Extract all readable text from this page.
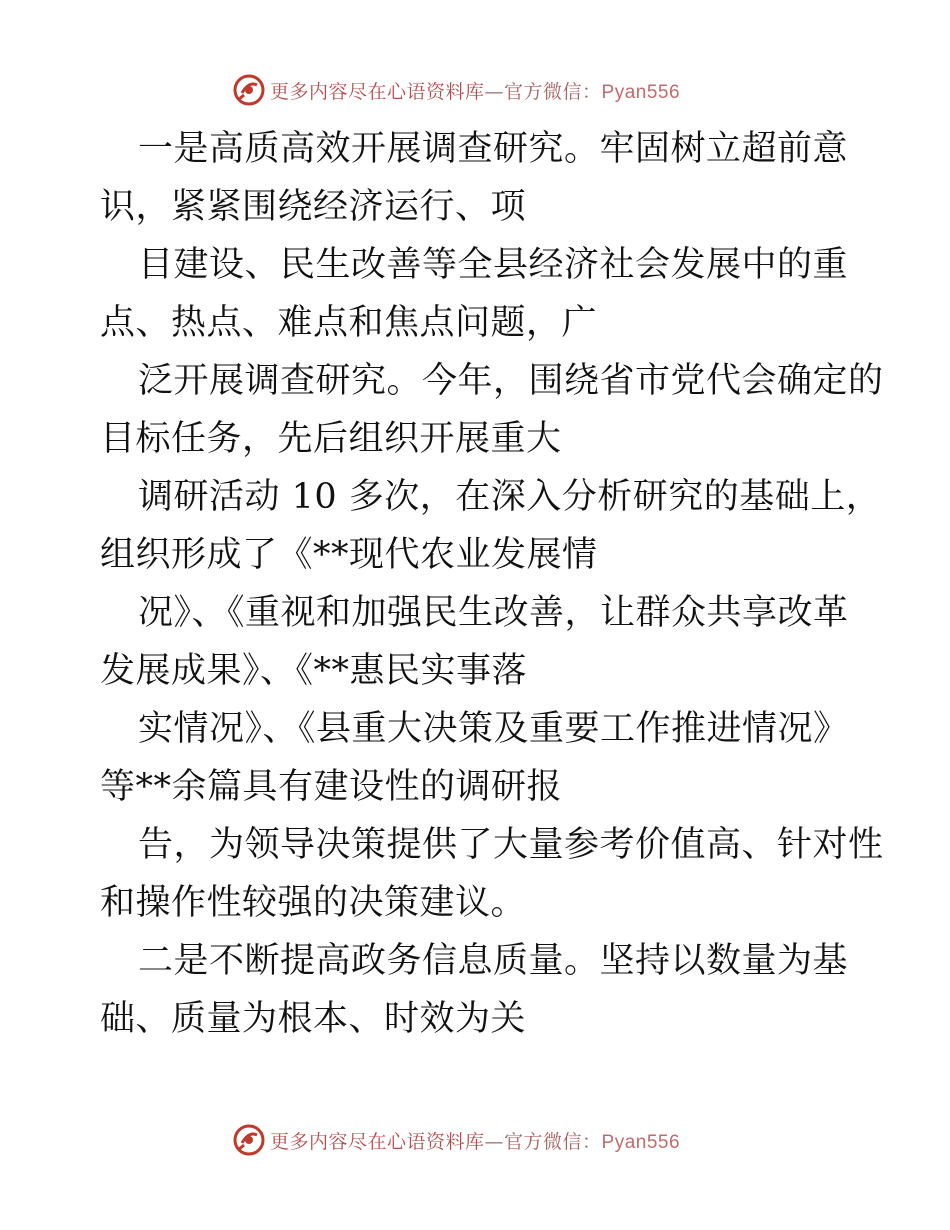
更多内容尽在心语资料库—官方微信：Pyan556

一是高质高效开展调查研究。牢固树立超前意
识，紧紧围绕经济运行、项

目建设、民生改善等全县经济社会发展中的重
点、热点、难点和焦点问题，广

泛开展调查研究。今年，围绕省市党代会确定的
目标任务，先后组织开展重大

调研活动 10 多次，在深入分析研究的基础上，
组织形成了《**现代农业发展情

况》、《重视和加强民生改善，让群众共享改革
发展成果》、《**惠民实事落

实情况》、《县重大决策及重要工作推进情况》
等**余篇具有建设性的调研报

告，为领导决策提供了大量参考价值高、针对性
和操作性较强的决策建议。

二是不断提高政务信息质量。坚持以数量为基
础、质量为根本、时效为关

更多内容尽在心语资料库—官方微信：Pyan556
